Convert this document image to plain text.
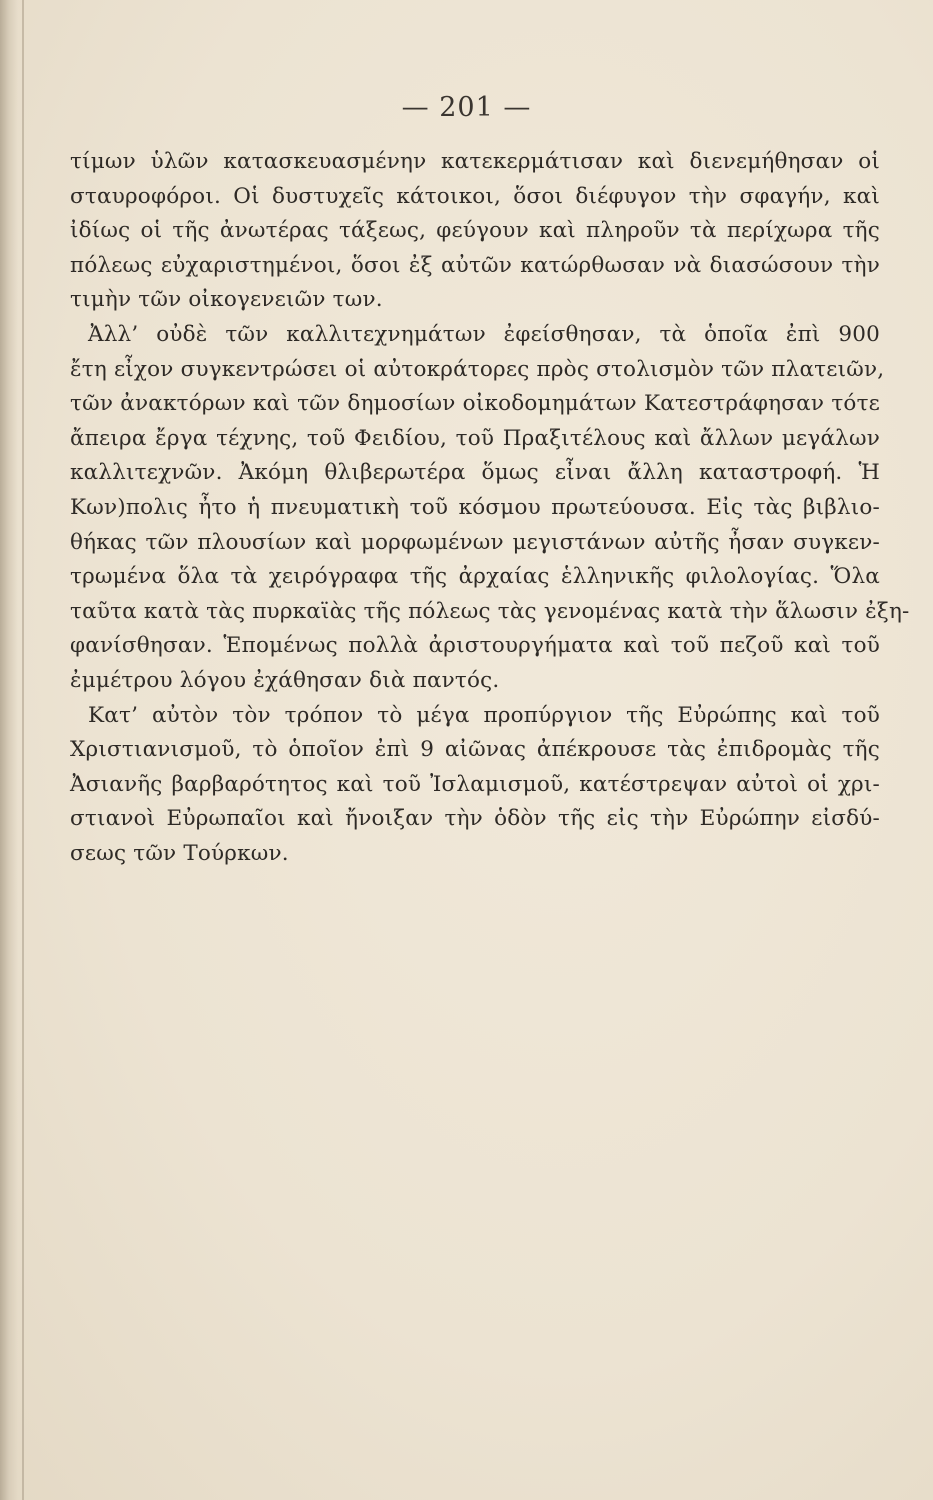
— 201 —
τίμων ὑλῶν κατασκευασμένην κατεκερμάτισαν καὶ διενεμήθησαν οἱ
σταυροφόροι. Οἱ δυστυχεῖς κάτοικοι, ὅσοι διέφυγον τὴν σφαγήν, καὶ
ἰδίως οἱ τῆς ἀνωτέρας τάξεως, φεύγουν καὶ πληροῦν τὰ περίχωρα τῆς
πόλεως εὐχαριστημένοι, ὅσοι ἐξ αὐτῶν κατώρθωσαν νὰ διασώσουν τὴν
τιμὴν τῶν οἰκογενειῶν των.
Ἀλλ’ οὐδὲ τῶν καλλιτεχνημάτων ἐφείσθησαν, τὰ ὁποῖα ἐπὶ 900
ἔτη εἶχον συγκεντρώσει οἱ αὐτοκράτορες πρὸς στολισμὸν τῶν πλατειῶν,
τῶν ἀνακτόρων καὶ τῶν δημοσίων οἰκοδομημάτων Κατεστράφησαν τότε
ἄπειρα ἔργα τέχνης, τοῦ Φειδίου, τοῦ Πραξιτέλους καὶ ἄλλων μεγάλων
καλλιτεχνῶν. Ἀκόμη θλιβερωτέρα ὅμως εἶναι ἄλλη καταστροφή. Ἡ
Κων)πολις ἦτο ἡ πνευματικὴ τοῦ κόσμου πρωτεύουσα. Εἰς τὰς βιβλιο-
θήκας τῶν πλουσίων καὶ μορφωμένων μεγιστάνων αὐτῆς ἦσαν συγκεν-
τρωμένα ὅλα τὰ χειρόγραφα τῆς ἀρχαίας ἑλληνικῆς φιλολογίας. Ὅλα
ταῦτα κατὰ τὰς πυρκαϊὰς τῆς πόλεως τὰς γενομένας κατὰ τὴν ἅλωσιν ἐξη-
φανίσθησαν. Ἑπομένως πολλὰ ἀριστουργήματα καὶ τοῦ πεζοῦ καὶ τοῦ
ἐμμέτρου λόγου ἐχάθησαν διὰ παντός.
Κατ’ αὐτὸν τὸν τρόπον τὸ μέγα προπύργιον τῆς Εὐρώπης καὶ τοῦ
Χριστιανισμοῦ, τὸ ὁποῖον ἐπὶ 9 αἰῶνας ἀπέκρουσε τὰς ἐπιδρομὰς τῆς
Ἀσιανῆς βαρβαρότητος καὶ τοῦ Ἰσλαμισμοῦ, κατέστρεψαν αὐτοὶ οἱ χρι-
στιανοὶ Εὐρωπαῖοι καὶ ἤνοιξαν τὴν ὁδὸν τῆς εἰς τὴν Εὐρώπην εἰσδύ-
σεως τῶν Τούρκων.
